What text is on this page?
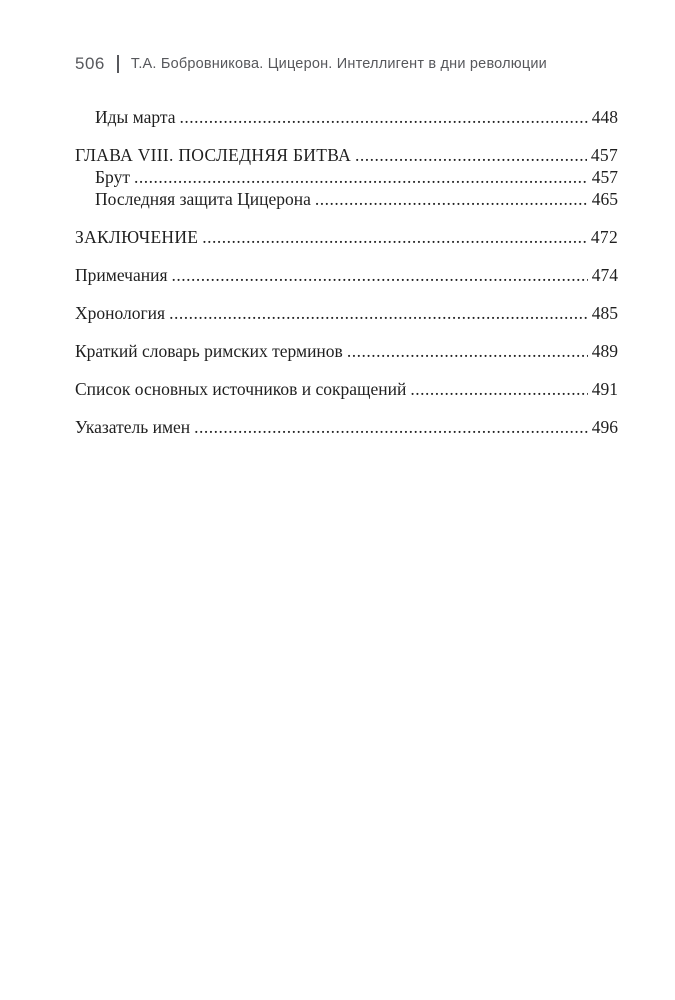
506 Т.А. Бобровникова. Цицерон. Интеллигент в дни революции
Иды марта .....	448
ГЛАВА VIII. ПОСЛЕДНЯЯ БИТВА .....	457
Брут .....	457
Последняя защита Цицерона .....	465
ЗАКЛЮЧЕНИЕ .....	472
Примечания .....	474
Хронология .....	485
Краткий словарь римских терминов .....	489
Список основных источников и сокращений .....	491
Указатель имен .....	496
